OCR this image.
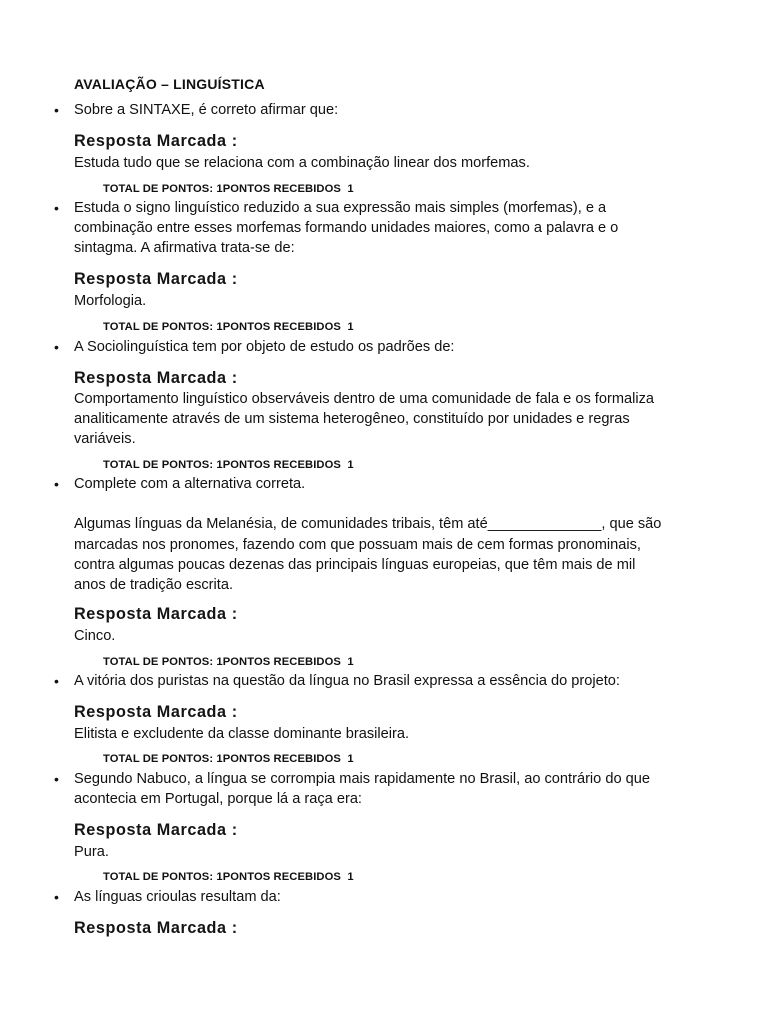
AVALIAÇÃO – LINGUÍSTICA
• Sobre a SINTAXE, é correto afirmar que:
Resposta Marcada :
Estuda tudo que se relaciona com a combinação linear dos morfemas.
TOTAL DE PONTOS: 1PONTOS RECEBIDOS  1
• Estuda o signo linguístico reduzido a sua expressão mais simples (morfemas), e a
combinação entre esses morfemas formando unidades maiores, como a palavra e o
sintagma. A afirmativa trata-se de:
Resposta Marcada :
Morfologia.
TOTAL DE PONTOS: 1PONTOS RECEBIDOS  1
• A Sociolinguística tem por objeto de estudo os padrões de:
Resposta Marcada :
Comportamento linguístico observáveis dentro de uma comunidade de fala e os formaliza
analiticamente através de um sistema heterogêneo, constituído por unidades e regras
variáveis.
TOTAL DE PONTOS: 1PONTOS RECEBIDOS  1
• Complete com a alternativa correta.
Algumas línguas da Melanésia, de comunidades tribais, têm até______________, que são
marcadas nos pronomes, fazendo com que possuam mais de cem formas pronominais,
contra algumas poucas dezenas das principais línguas europeias, que têm mais de mil
anos de tradição escrita.
Resposta Marcada :
Cinco.
TOTAL DE PONTOS: 1PONTOS RECEBIDOS  1
• A vitória dos puristas na questão da língua no Brasil expressa a essência do projeto:
Resposta Marcada :
Elitista e excludente da classe dominante brasileira.
TOTAL DE PONTOS: 1PONTOS RECEBIDOS  1
• Segundo Nabuco, a língua se corrompia mais rapidamente no Brasil, ao contrário do que
acontecia em Portugal, porque lá a raça era:
Resposta Marcada :
Pura.
TOTAL DE PONTOS: 1PONTOS RECEBIDOS  1
• As línguas crioulas resultam da:
Resposta Marcada :
